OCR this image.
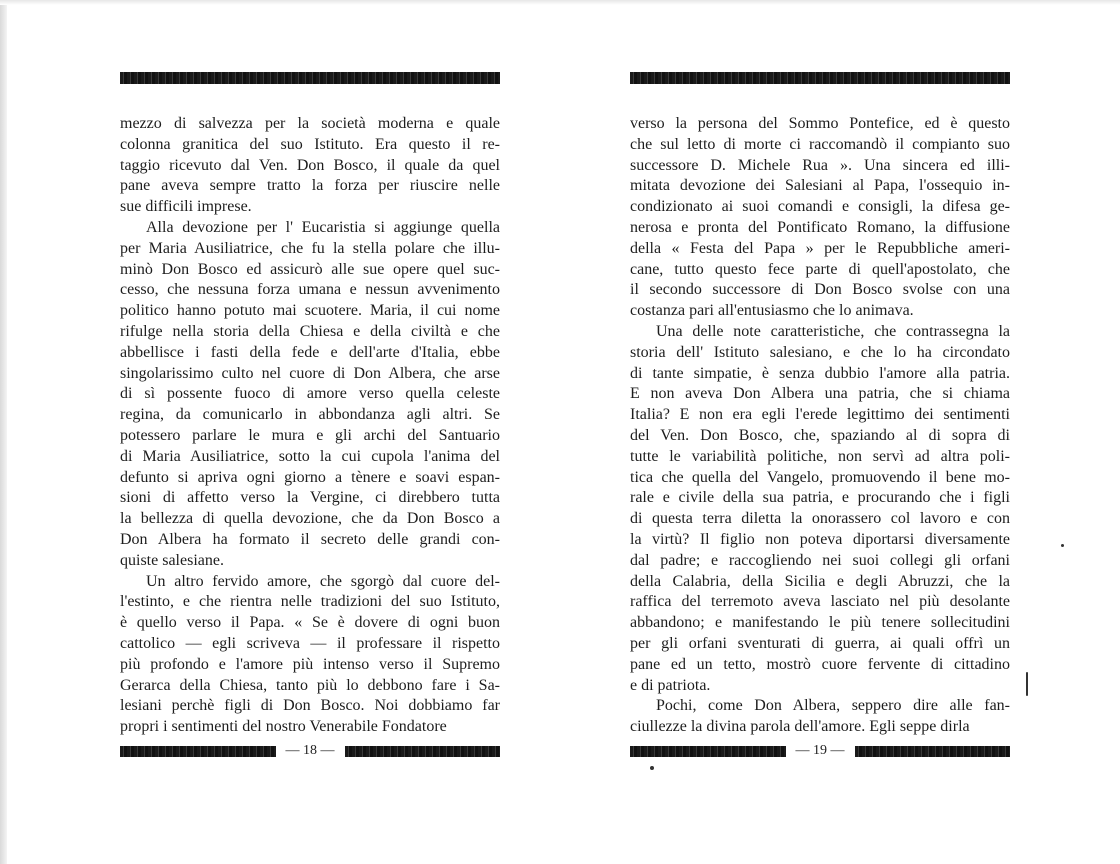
mezzo di salvezza per la società moderna e quale
colonna granitica del suo Istituto. Era questo il re-
taggio ricevuto dal Ven. Don Bosco, il quale da quel
pane aveva sempre tratto la forza per riuscire nelle
sue difficili imprese.
Alla devozione per l' Eucaristia si aggiunge quella
per Maria Ausiliatrice, che fu la stella polare che illu-
minò Don Bosco ed assicurò alle sue opere quel suc-
cesso, che nessuna forza umana e nessun avvenimento
politico hanno potuto mai scuotere. Maria, il cui nome
rifulge nella storia della Chiesa e della civiltà e che
abbellisce i fasti della fede e dell'arte d'Italia, ebbe
singolarissimo culto nel cuore di Don Albera, che arse
di sì possente fuoco di amore verso quella celeste
regina, da comunicarlo in abbondanza agli altri. Se
potessero parlare le mura e gli archi del Santuario
di Maria Ausiliatrice, sotto la cui cupola l'anima del
defunto si apriva ogni giorno a tènere e soavi espan-
sioni di affetto verso la Vergine, ci direbbero tutta
la bellezza di quella devozione, che da Don Bosco a
Don Albera ha formato il secreto delle grandi con-
quiste salesiane.
Un altro fervido amore, che sgorgò dal cuore del-
l'estinto, e che rientra nelle tradizioni del suo Istituto,
è quello verso il Papa. « Se è dovere di ogni buon
cattolico — egli scriveva — il professare il rispetto
più profondo e l'amore più intenso verso il Supremo
Gerarca della Chiesa, tanto più lo debbono fare i Sa-
lesiani perchè figli di Don Bosco. Noi dobbiamo far
propri i sentimenti del nostro Venerabile Fondatore
— 18 —
verso la persona del Sommo Pontefice, ed è questo
che sul letto di morte ci raccomandò il compianto suo
successore D. Michele Rua ». Una sincera ed illi-
mitata devozione dei Salesiani al Papa, l'ossequio in-
condizionato ai suoi comandi e consigli, la difesa ge-
nerosa e pronta del Pontificato Romano, la diffusione
della « Festa del Papa » per le Repubbliche ameri-
cane, tutto questo fece parte di quell'apostolato, che
il secondo successore di Don Bosco svolse con una
costanza pari all'entusiasmo che lo animava.
Una delle note caratteristiche, che contrassegna la
storia dell' Istituto salesiano, e che lo ha circondato
di tante simpatie, è senza dubbio l'amore alla patria.
E non aveva Don Albera una patria, che si chiama
Italia? E non era egli l'erede legittimo dei sentimenti
del Ven. Don Bosco, che, spaziando al di sopra di
tutte le variabilità politiche, non servì ad altra poli-
tica che quella del Vangelo, promuovendo il bene mo-
rale e civile della sua patria, e procurando che i figli
di questa terra diletta la onorassero col lavoro e con
la virtù? Il figlio non poteva diportarsi diversamente
dal padre; e raccogliendo nei suoi collegi gli orfani
della Calabria, della Sicilia e degli Abruzzi, che la
raffica del terremoto aveva lasciato nel più desolante
abbandono; e manifestando le più tenere sollecitudini
per gli orfani sventurati di guerra, ai quali offrì un
pane ed un tetto, mostrò cuore fervente di cittadino
e di patriota.
Pochi, come Don Albera, seppero dire alle fan-
ciullezze la divina parola dell'amore. Egli seppe dirla
— 19 —
